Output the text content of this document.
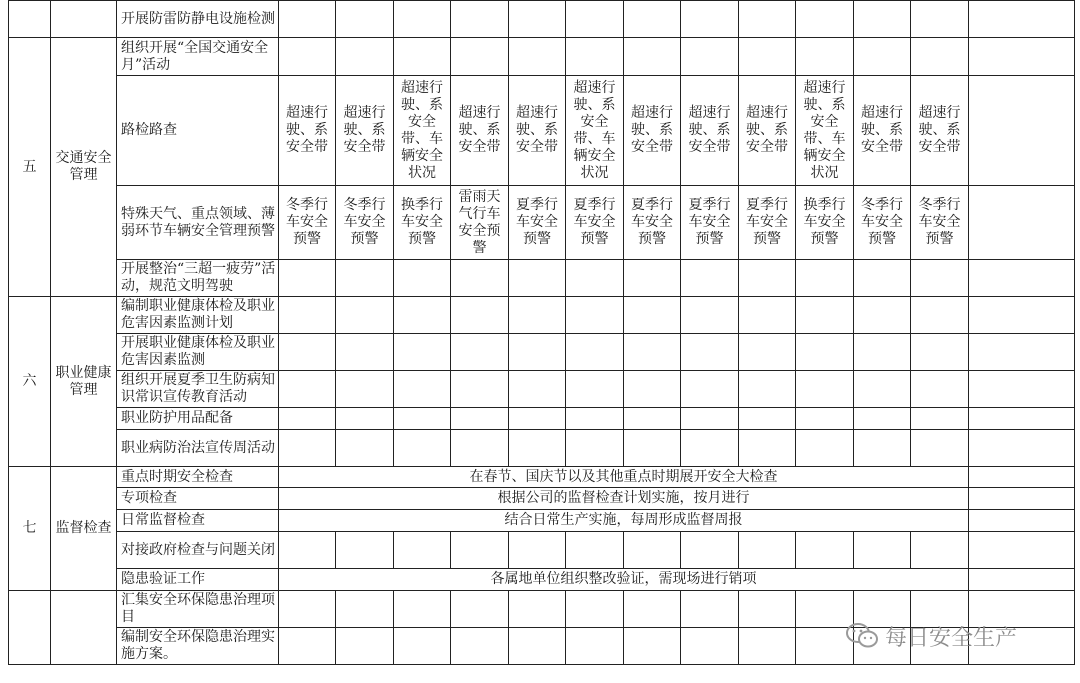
		开展防雷防静电设施检测													
五	交通安全管理	组织开展“全国交通安全月”活动													
		路检路查	超速行驶、系安全带	超速行驶、系安全带	超速行驶、系安全带、车辆安全状况	超速行驶、系安全带	超速行驶、系安全带	超速行驶、系安全带、车辆安全状况	超速行驶、系安全带	超速行驶、系安全带	超速行驶、系安全带	超速行驶、系安全带、车辆安全状况	超速行驶、系安全带	超速行驶、系安全带	
		特殊天气、重点领域、薄弱环节车辆安全管理预警	冬季行车安全预警	冬季行车安全预警	换季行车安全预警	雷雨天气行车安全预警	夏季行车安全预警	夏季行车安全预警	夏季行车安全预警	夏季行车安全预警	夏季行车安全预警	换季行车安全预警	冬季行车安全预警	冬季行车安全预警	
		开展整治“三超一疲劳”活动，规范文明驾驶													
六	职业健康管理	编制职业健康体检及职业危害因素监测计划													
		开展职业健康体检及职业危害因素监测													
		组织开展夏季卫生防病知识常识宣传教育活动													
		职业防护用品配备													
		职业病防治法宣传周活动													
七	监督检查	重点时期安全检查	在春节、国庆节以及其他重点时期展开安全大检查												
		专项检查	根据公司的监督检查计划实施，按月进行												
		日常监督检查	结合日常生产实施，每周形成监督周报												
		对接政府检查与问题关闭													
		隐患验证工作	各属地单位组织整改验证，需现场进行销项												
		汇集安全环保隐患治理项目													
		编制安全环保隐患治理实施方案。													
每日安全生产
